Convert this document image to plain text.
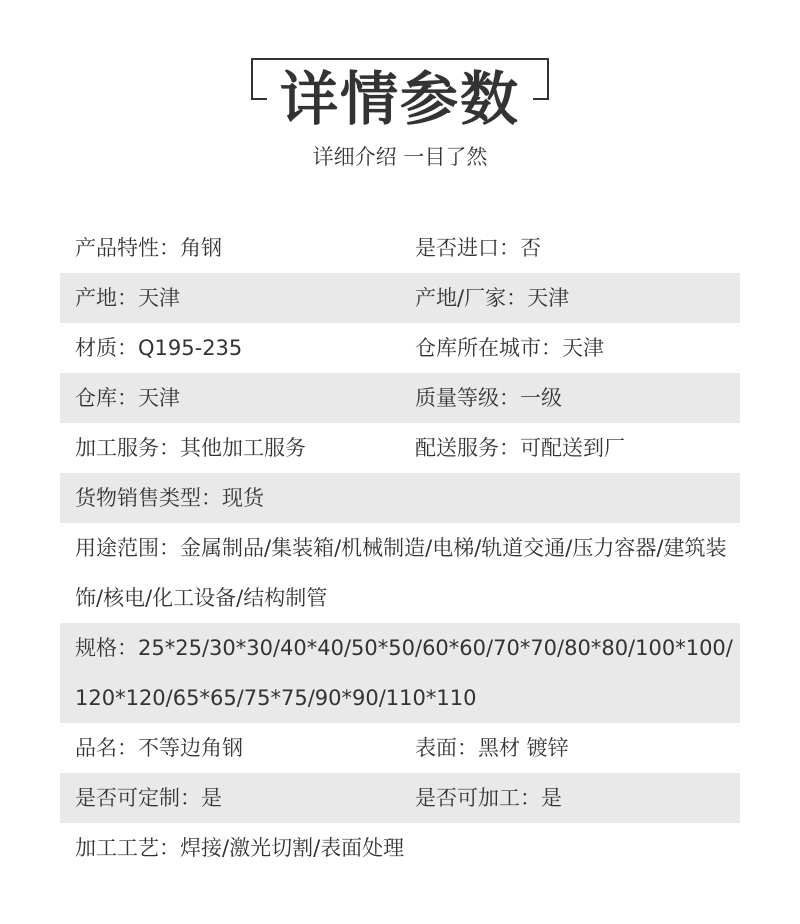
详情参数
详细介绍 一目了然
产品特性：角钢	是否进口：否
产地：天津	产地/厂家：天津
材质：Q195-235	仓库所在城市：天津
仓库：天津	质量等级：一级
加工服务：其他加工服务	配送服务：可配送到厂
货物销售类型：现货
用途范围：金属制品/集装箱/机械制造/电梯/轨道交通/压力容器/建筑装饰/核电/化工设备/结构制管
规格：25*25/30*30/40*40/50*50/60*60/70*70/80*80/100*100/120*120/65*65/75*75/90*90/110*110
品名：不等边角钢	表面：黑材 镀锌
是否可定制：是	是否可加工：是
加工工艺：焊接/激光切割/表面处理
